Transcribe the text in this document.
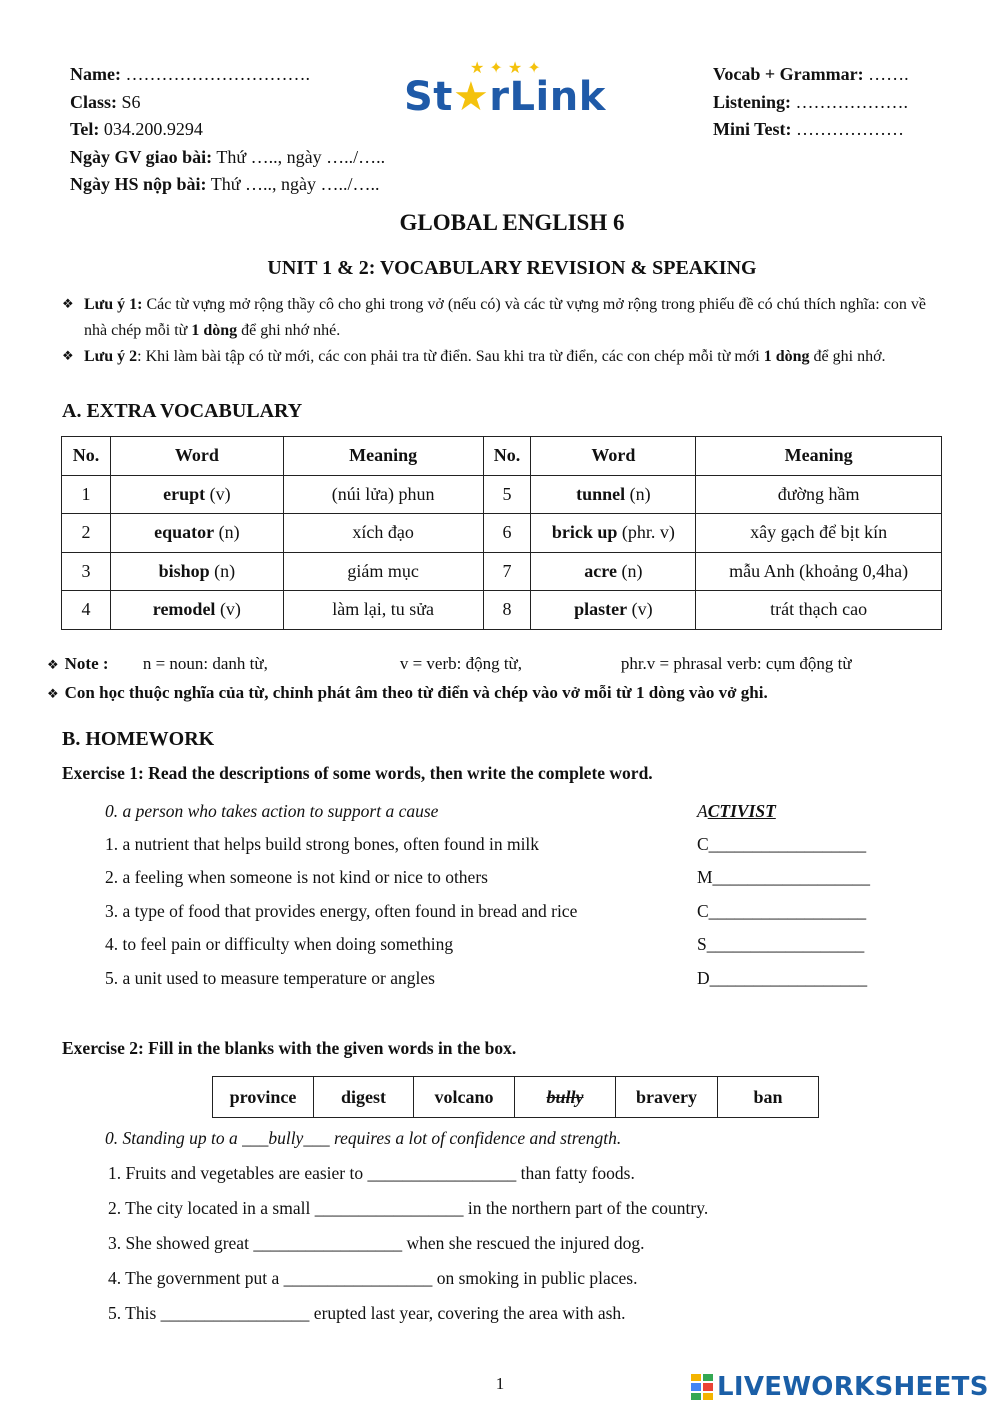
Name: ………………………….
Class: S6
Tel: 034.200.9294
Ngày GV giao bài: Thứ ….., ngày …../…..
Ngày HS nộp bài: Thứ ….., ngày …../…..
★ ✦ ★ ✦
St★rLink	Vocab + Grammar: …….
Listening: ……………….
Mini Test: ………………
GLOBAL ENGLISH 6
UNIT 1 & 2: VOCABULARY REVISION & SPEAKING
❖ Lưu ý 1: Các từ vựng mở rộng thầy cô cho ghi trong vở (nếu có) và các từ vựng mở rộng trong phiếu đề có chú thích nghĩa: con về nhà chép mỗi từ 1 dòng để ghi nhớ nhé.
❖ Lưu ý 2: Khi làm bài tập có từ mới, các con phải tra từ điển. Sau khi tra từ điển, các con chép mỗi từ mới 1 dòng để ghi nhớ.
A. EXTRA VOCABULARY
No.	Word	Meaning	No.	Word	Meaning
1	erupt (v)	(núi lửa) phun	5	tunnel (n)	đường hầm
2	equator (n)	xích đạo	6	brick up (phr. v)	xây gạch để bịt kín
3	bishop (n)	giám mục	7	acre (n)	mẫu Anh (khoảng 0,4ha)
4	remodel (v)	làm lại, tu sửa	8	plaster (v)	trát thạch cao
❖ Note : n = noun: danh từ,	v = verb: động từ,	phr.v = phrasal verb: cụm động từ
❖ Con học thuộc nghĩa của từ, chỉnh phát âm theo từ điển và chép vào vở mỗi từ 1 dòng vào vở ghi.
B. HOMEWORK
Exercise 1: Read the descriptions of some words, then write the complete word.
0. a person who takes action to support a cause	ACTIVIST
1. a nutrient that helps build strong bones, often found in milk	C__________________
2. a feeling when someone is not kind or nice to others	M__________________
3. a type of food that provides energy, often found in bread and rice	C__________________
4. to feel pain or difficulty when doing something	S__________________
5. a unit used to measure temperature or angles	D__________________
Exercise 2: Fill in the blanks with the given words in the box.
province	digest	volcano	bully	bravery	ban
0. Standing up to a ___bully___ requires a lot of confidence and strength.
1. Fruits and vegetables are easier to _________________ than fatty foods.
2. The city located in a small _________________ in the northern part of the country.
3. She showed great _________________ when she rescued the injured dog.
4. The government put a _________________ on smoking in public places.
5. This _________________ erupted last year, covering the area with ash.
1	LIVEWORKSHEETS
